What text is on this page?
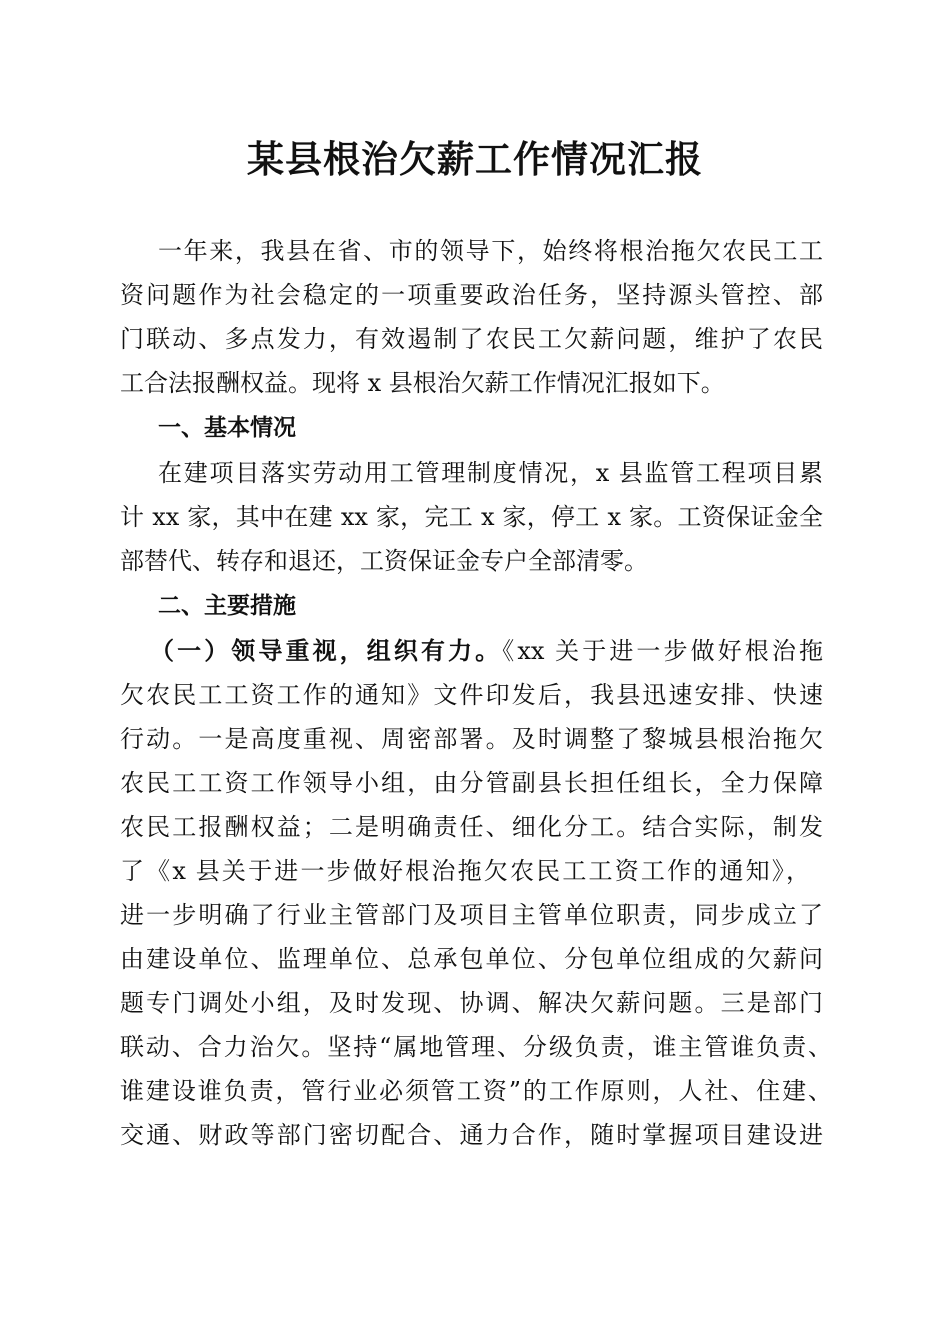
某县根治欠薪工作情况汇报
一年来，我县在省、市的领导下，始终将根治拖欠农民工工
资问题作为社会稳定的一项重要政治任务，坚持源头管控、部
门联动、多点发力，有效遏制了农民工欠薪问题，维护了农民
工合法报酬权益。现将 x 县根治欠薪工作情况汇报如下。
一、基本情况
在建项目落实劳动用工管理制度情况，x 县监管工程项目累
计 xx 家，其中在建 xx 家，完工 x 家，停工 x 家。工资保证金全
部替代、转存和退还，工资保证金专户全部清零。
二、主要措施
（一）领导重视，组织有力。《xx 关于进一步做好根治拖
欠农民工工资工作的通知》文件印发后，我县迅速安排、快速
行动。一是高度重视、周密部署。及时调整了黎城县根治拖欠
农民工工资工作领导小组，由分管副县长担任组长，全力保障
农民工报酬权益；二是明确责任、细化分工。结合实际，制发
了《x 县关于进一步做好根治拖欠农民工工资工作的通知》，
进一步明确了行业主管部门及项目主管单位职责，同步成立了
由建设单位、监理单位、总承包单位、分包单位组成的欠薪问
题专门调处小组，及时发现、协调、解决欠薪问题。三是部门
联动、合力治欠。坚持“属地管理、分级负责，谁主管谁负责、
谁建设谁负责，管行业必须管工资”的工作原则，人社、住建、
交通、财政等部门密切配合、通力合作，随时掌握项目建设进
